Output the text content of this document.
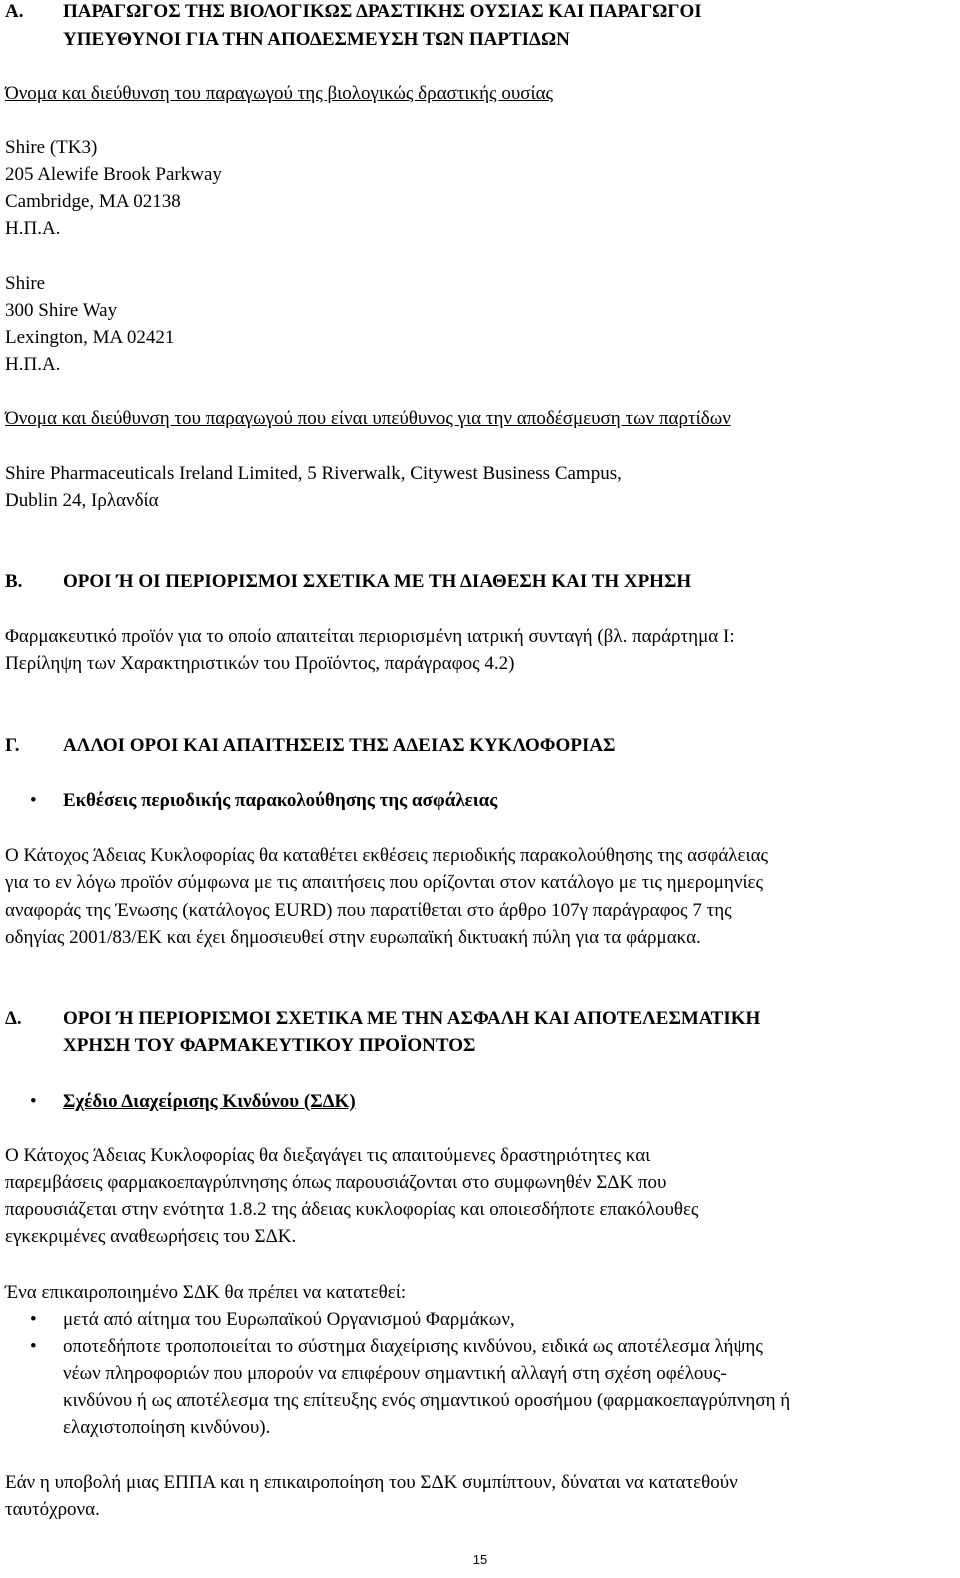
Α. ΠΑΡΑΓΩΓΟΣ ΤΗΣ ΒΙΟΛΟΓΙΚΩΣ ΔΡΑΣΤΙΚΗΣ ΟΥΣΙΑΣ ΚΑΙ ΠΑΡΑΓΩΓΟΙ
ΥΠΕΥΘΥΝΟΙ ΓΙΑ ΤΗΝ ΑΠΟΔΕΣΜΕΥΣΗ ΤΩΝ ΠΑΡΤΙΔΩΝ
Όνομα και διεύθυνση του παραγωγού της βιολογικώς δραστικής ουσίας
Shire (TK3)
205 Alewife Brook Parkway
Cambridge, MA 02138
Η.Π.Α.
Shire
300 Shire Way
Lexington, MA 02421
Η.Π.Α.
Όνομα και διεύθυνση του παραγωγού που είναι υπεύθυνος για την αποδέσμευση των παρτίδων
Shire Pharmaceuticals Ireland Limited, 5 Riverwalk, Citywest Business Campus,
Dublin 24, Ιρλανδία
Β. ΟΡΟΙ Ή ΟΙ ΠΕΡΙΟΡΙΣΜΟΙ ΣΧΕΤΙΚΑ ΜΕ ΤΗ ΔΙΑΘΕΣΗ ΚΑΙ ΤΗ ΧΡΗΣΗ
Φαρμακευτικό προϊόν για το οποίο απαιτείται περιορισμένη ιατρική συνταγή (βλ. παράρτημα Ι:
Περίληψη των Χαρακτηριστικών του Προϊόντος, παράγραφος 4.2)
Γ. ΑΛΛΟΙ ΟΡΟΙ ΚΑΙ ΑΠΑΙΤΗΣΕΙΣ ΤΗΣ ΑΔΕΙΑΣ ΚΥΚΛΟΦΟΡΙΑΣ
• Εκθέσεις περιοδικής παρακολούθησης της ασφάλειας
Ο Κάτοχος Άδειας Κυκλοφορίας θα καταθέτει εκθέσεις περιοδικής παρακολούθησης της ασφάλειας
για το εν λόγω προϊόν σύμφωνα με τις απαιτήσεις που ορίζονται στον κατάλογο με τις ημερομηνίες
αναφοράς της Ένωσης (κατάλογος EURD) που παρατίθεται στο άρθρο 107γ παράγραφος 7 της
οδηγίας 2001/83/ΕΚ και έχει δημοσιευθεί στην ευρωπαϊκή δικτυακή πύλη για τα φάρμακα.
Δ. ΟΡΟΙ Ή ΠΕΡΙΟΡΙΣΜΟΙ ΣΧΕΤΙΚΑ ΜΕ ΤΗΝ ΑΣΦΑΛΗ ΚΑΙ ΑΠΟΤΕΛΕΣΜΑΤΙΚΗ
ΧΡΗΣΗ ΤΟΥ ΦΑΡΜΑΚΕΥΤΙΚΟΥ ΠΡΟΪΟΝΤΟΣ
• Σχέδιο Διαχείρισης Κινδύνου (ΣΔΚ)
Ο Κάτοχος Άδειας Κυκλοφορίας θα διεξαγάγει τις απαιτούμενες δραστηριότητες και
παρεμβάσεις φαρμακοεπαγρύπνησης όπως παρουσιάζονται στο συμφωνηθέν ΣΔΚ που
παρουσιάζεται στην ενότητα 1.8.2 της άδειας κυκλοφορίας και οποιεσδήποτε επακόλουθες
εγκεκριμένες αναθεωρήσεις του ΣΔΚ.
Ένα επικαιροποιημένο ΣΔΚ θα πρέπει να κατατεθεί:
• μετά από αίτημα του Ευρωπαϊκού Οργανισμού Φαρμάκων,
• οποτεδήποτε τροποποιείται το σύστημα διαχείρισης κινδύνου, ειδικά ως αποτέλεσμα λήψης
νέων πληροφοριών που μπορούν να επιφέρουν σημαντική αλλαγή στη σχέση οφέλους-
κινδύνου ή ως αποτέλεσμα της επίτευξης ενός σημαντικού οροσήμου (φαρμακοεπαγρύπνηση ή
ελαχιστοποίηση κινδύνου).
Εάν η υποβολή μιας ΕΠΠΑ και η επικαιροποίηση του ΣΔΚ συμπίπτουν, δύναται να κατατεθούν
ταυτόχρονα.
15
